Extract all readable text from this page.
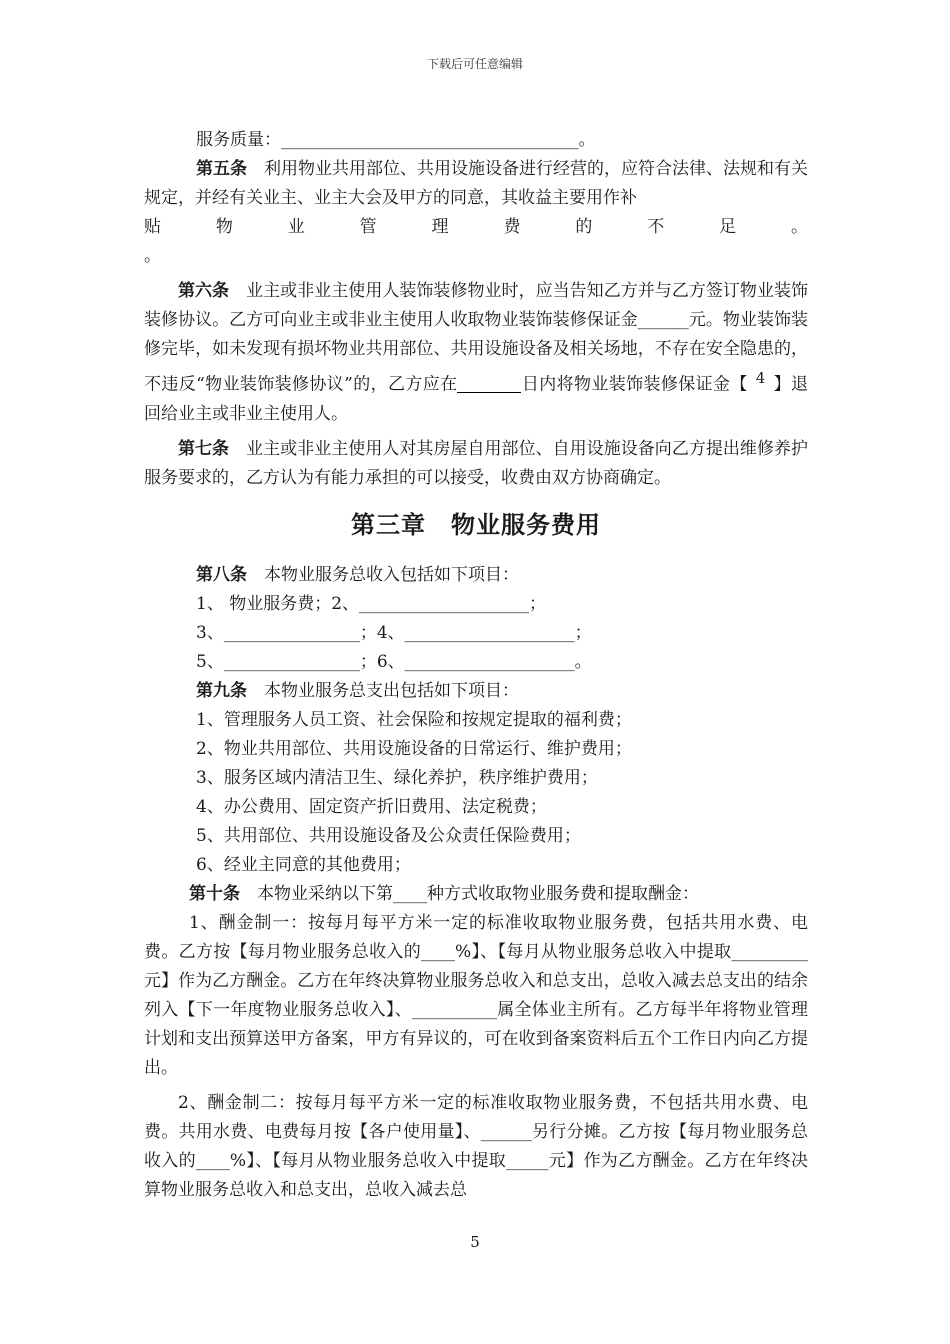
下载后可任意编辑

服务质量：___________________________________。

第五条　 利用物业共用部位、共用设施设备进行经营的，应符合法律、法规和有关规定，并经有关业主、业主大会及甲方的同意，其收益主要用作补

贴物业管理费的不足。

。

第六条　 业主或非业主使用人装饰装修物业时，应当告知乙方并与乙方签订物业装饰装修协议。乙方可向业主或非业主使用人收取物业装饰装修保证金______元。物业装饰装修完毕，如未发现有损坏物业共用部位、共用设施设备及相关场地，不存在安全隐患的，不违反“物业装饰装修协议”的，乙方应在	日内将物业装饰装修保证金【 $^4$ 】退回给业主或非业主使用人。

第七条　 业主或非业主使用人对其房屋自用部位、自用设施设备向乙方提出维修养护服务要求的，乙方认为有能力承担的可以接受，收费由双方协商确定。

第三章　物业服务费用

第八条　 本物业服务总收入包括如下项目：

1、 物业服务费；2、____________________；

3、________________；4、____________________；

5、________________；6、____________________。

第九条　 本物业服务总支出包括如下项目：

1、管理服务人员工资、社会保险和按规定提取的福利费；

2、物业共用部位、共用设施设备的日常运行、维护费用；

3、服务区域内清洁卫生、绿化养护，秩序维护费用；

4、办公费用、固定资产折旧费用、法定税费；

5、共用部位、共用设施设备及公众责任保险费用；

6、经业主同意的其他费用；

第十条　 本物业采纳以下第____种方式收取物业服务费和提取酬金：

1、酬金制一：按每月每平方米一定的标准收取物业服务费，包括共用水费、电费。乙方按【每月物业服务总收入的____%】、【每月从物业服务总收入中提取_________元】作为乙方酬金。乙方在年终决算物业服务总收入和总支出，总收入减去总支出的结余列入【下一年度物业服务总收入】、__________属全体业主所有。乙方每半年将物业管理计划和支出预算送甲方备案，甲方有异议的，可在收到备案资料后五个工作日内向乙方提出。

2、酬金制二：按每月每平方米一定的标准收取物业服务费，不包括共用水费、电费。共用水费、电费每月按【各户使用量】、______另行分摊。乙方按【每月物业服务总收入的____%】、【每月从物业服务总收入中提取_____元】作为乙方酬金。乙方在年终决算物业服务总收入和总支出，总收入减去总

5
